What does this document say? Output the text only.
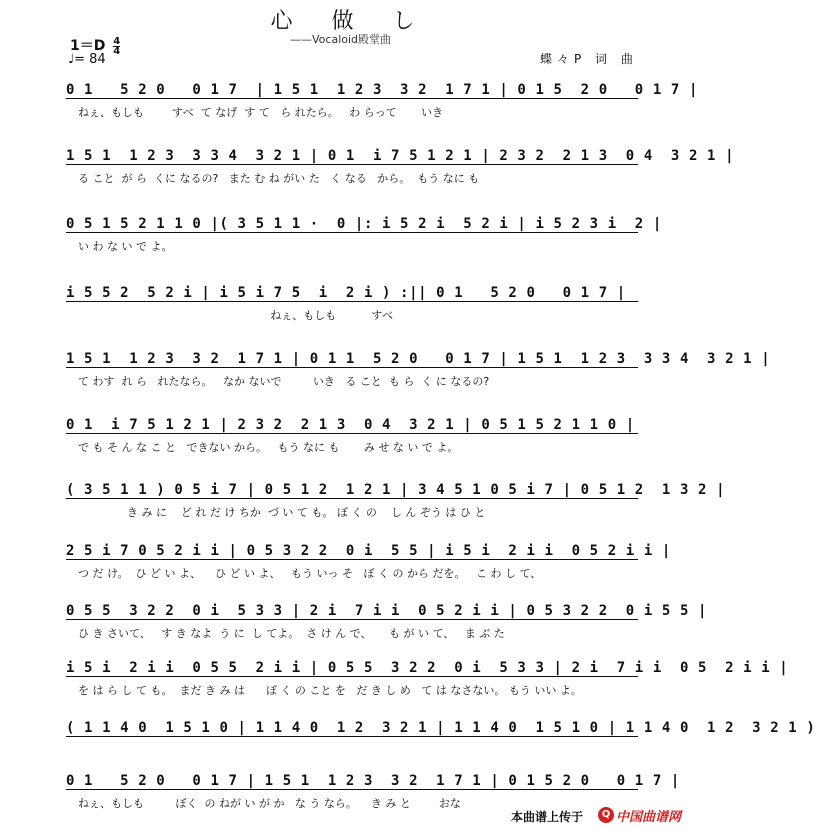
心 做 し
——Vocaloid殿堂曲
$1=D \frac{4}{4}$
♩= 84	蝶々P 词 曲
0 1   5 2 0   0 1 7  | 1 5 1  1 2 3  3 2  1 7 1 | 0 1 5  2 0   0 1 7 |
ねぇ、もしも        すべ  て なげ  す て   ら れたら。   わ らって       いき
1 5 1  1 2 3  3 3 4  3 2 1 | 0 1  i 7 5 1 2 1 | 2 3 2  2 1 3  0 4  3 2 1 |
る こと  が ら  くに なるの?   また む ね がい た   く なる   から。  もう なに も
0 5 1 5 2 1 1 0 |( 3 5 1 1 ·  0 |: i 5 2 i  5 2 i | i 5 2 3 i  2 |
い わ な い で よ。
i 5 5 2  5 2 i | i 5 i 7 5  i  2 i ) :|| 0 1   5 2 0   0 1 7 |
ねぇ、もしも          すべ
1 5 1  1 2 3  3 2  1 7 1 | 0 1 1  5 2 0   0 1 7 | 1 5 1  1 2 3  3 3 4  3 2 1 |
て わす  れ ら   れたなら。   なか ないで         いき   る こと  も ら  く に なるの?
0 1  i 7 5 1 2 1 | 2 3 2  2 1 3  0 4  3 2 1 | 0 5 1 5 2 1 1 0 |
で も そ ん な こ と   できない から。   もう なに も       み せ な い で よ。
( 3 5 1 1 ) 0 5 i 7 | 0 5 1 2  1 2 1 | 3 4 5 1 0 5 i 7 | 0 5 1 2  1 3 2 |
き み に    ど れ だ け ちか  づ い て も。 ぼ く の    し ん ぞう は ひ と
2 5 i 7 0 5 2 i i | 0 5 3 2 2  0 i  5 5 | i 5 i  2 i i  0 5 2 i i |
つ だ け。  ひ ど い よ、    ひ ど い よ、   もう いっ そ   ぼ く の から だを。   こ わ し て、
0 5 5  3 2 2  0 i  5 3 3 | 2 i  7 i i  0 5 2 i i | 0 5 3 2 2  0 i 5 5 |
ひ き さいて、   す き なよ  う に  し てよ。  さ け ん で、     も が い て、   ま ぶ た
i 5 i  2 i i  0 5 5  2 i i | 0 5 5  3 2 2  0 i  5 3 3 | 2 i  7 i i  0 5  2 i i |
を は ら し て も。  まだ き み は      ぼ く の こと を   だ き し め   て は なさない。 もう いい よ。
( 1 1 4 0  1 5 1 0 | 1 1 4 0  1 2  3 2 1 | 1 1 4 0  1 5 1 0 | 1 1 4 0  1 2  3 2 1 )
0 1   5 2 0   0 1 7 | 1 5 1  1 2 3  3 2  1 7 1 | 0 1 5 2 0   0 1 7 |
ねぇ、もしも         ぼく  の ねが い が か   な う なら。    き み と        おな
本曲谱上传于	Q 中国曲谱网
